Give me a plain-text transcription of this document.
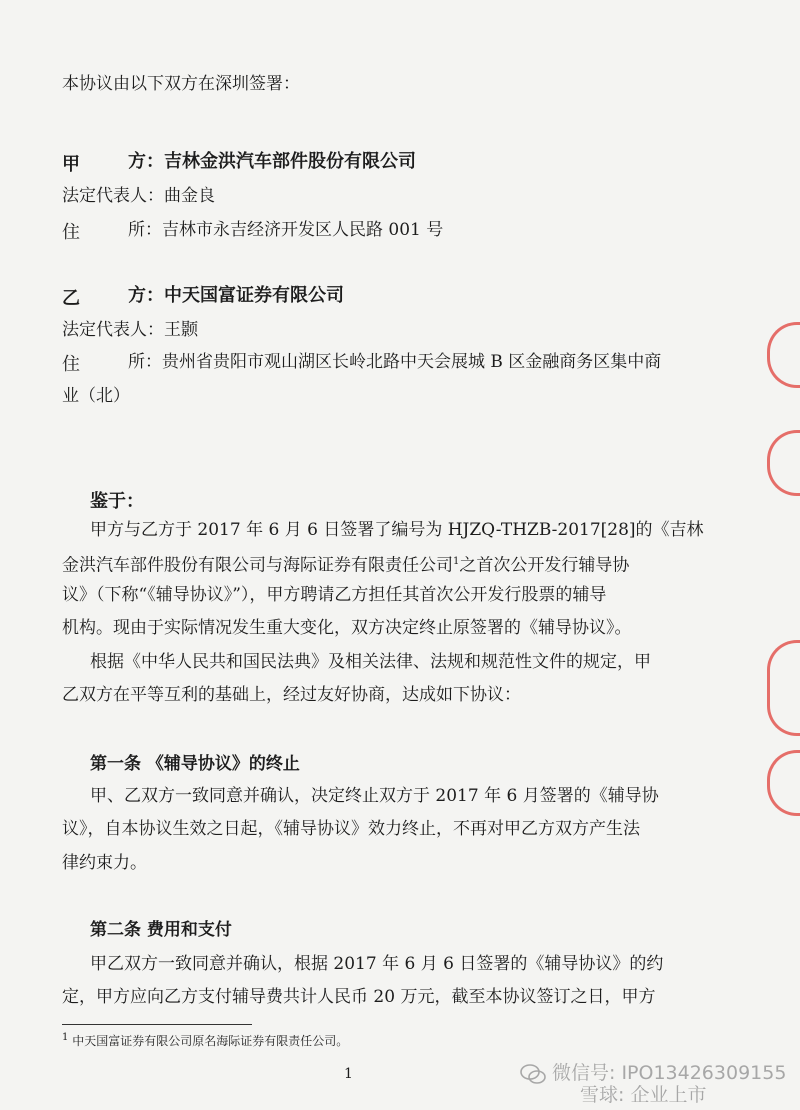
本协议由以下双方在深圳签署：
甲	方：吉林金洪汽车部件股份有限公司
法定代表人：曲金良
住	所：吉林市永吉经济开发区人民路 001 号
乙	方：中天国富证券有限公司
法定代表人：王颢
住	所：贵州省贵阳市观山湖区长岭北路中天会展城 B 区金融商务区集中商
业（北）
鉴于：
甲方与乙方于 2017 年 6 月 6 日签署了编号为 HJZQ-THZB-2017[28]的《吉林
金洪汽车部件股份有限公司与海际证券有限责任公司$^1$之首次公开发行辅导协
议》（下称“《辅导协议》”），甲方聘请乙方担任其首次公开发行股票的辅导
机构。现由于实际情况发生重大变化，双方决定终止原签署的《辅导协议》。
根据《中华人民共和国民法典》及相关法律、法规和规范性文件的规定，甲
乙双方在平等互利的基础上，经过友好协商，达成如下协议：
第一条 《辅导协议》的终止
甲、乙双方一致同意并确认，决定终止双方于 2017 年 6 月签署的《辅导协
议》，自本协议生效之日起，《辅导协议》效力终止，不再对甲乙方双方产生法
律约束力。
第二条 费用和支付
甲乙双方一致同意并确认，根据 2017 年 6 月 6 日签署的《辅导协议》的约
定，甲方应向乙方支付辅导费共计人民币 20 万元，截至本协议签订之日，甲方
$^1$ 中天国富证券有限公司原名海际证券有限责任公司。
1	微信号: IPO13426309155
雪球: 企业上市
